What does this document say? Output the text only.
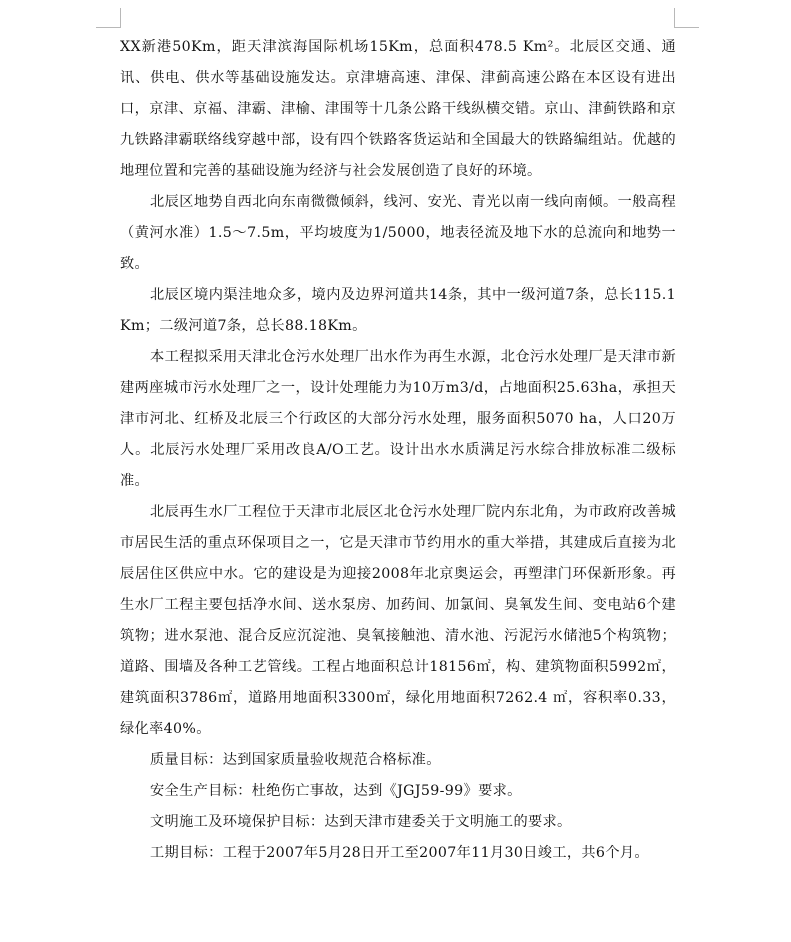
XX新港50Km，距天津滨海国际机场15Km，总面积478.5 Km²。北辰区交通、通讯、供电、供水等基础设施发达。京津塘高速、津保、津蓟高速公路在本区设有进出口，京津、京福、津霸、津榆、津围等十几条公路干线纵横交错。京山、津蓟铁路和京九铁路津霸联络线穿越中部，设有四个铁路客货运站和全国最大的铁路编组站。优越的地理位置和完善的基础设施为经济与社会发展创造了良好的环境。

北辰区地势自西北向东南微微倾斜，线河、安光、青光以南一线向南倾。一般高程（黄河水准）1.5～7.5m，平均坡度为1/5000，地表径流及地下水的总流向和地势一致。

北辰区境内渠洼地众多，境内及边界河道共14条，其中一级河道7条，总长115.1Km；二级河道7条，总长88.18Km。

本工程拟采用天津北仓污水处理厂出水作为再生水源，北仓污水处理厂是天津市新建两座城市污水处理厂之一，设计处理能力为10万m3/d，占地面积25.63ha，承担天津市河北、红桥及北辰三个行政区的大部分污水处理，服务面积5070 ha，人口20万人。北辰污水处理厂采用改良A/O工艺。设计出水水质满足污水综合排放标准二级标准。

北辰再生水厂工程位于天津市北辰区北仓污水处理厂院内东北角，为市政府改善城市居民生活的重点环保项目之一，它是天津市节约用水的重大举措，其建成后直接为北辰居住区供应中水。它的建设是为迎接2008年北京奥运会，再塑津门环保新形象。再生水厂工程主要包括净水间、送水泵房、加药间、加氯间、臭氧发生间、变电站6个建筑物；进水泵池、混合反应沉淀池、臭氧接触池、清水池、污泥污水储池5个构筑物；道路、围墙及各种工艺管线。工程占地面积总计18156㎡，构、建筑物面积5992㎡，建筑面积3786㎡，道路用地面积3300㎡，绿化用地面积7262.4 ㎡，容积率0.33，绿化率40%。

质量目标：达到国家质量验收规范合格标准。

安全生产目标：杜绝伤亡事故，达到《JGJ59-99》要求。

文明施工及环境保护目标：达到天津市建委关于文明施工的要求。

工期目标：工程于2007年5月28日开工至2007年11月30日竣工，共6个月。
